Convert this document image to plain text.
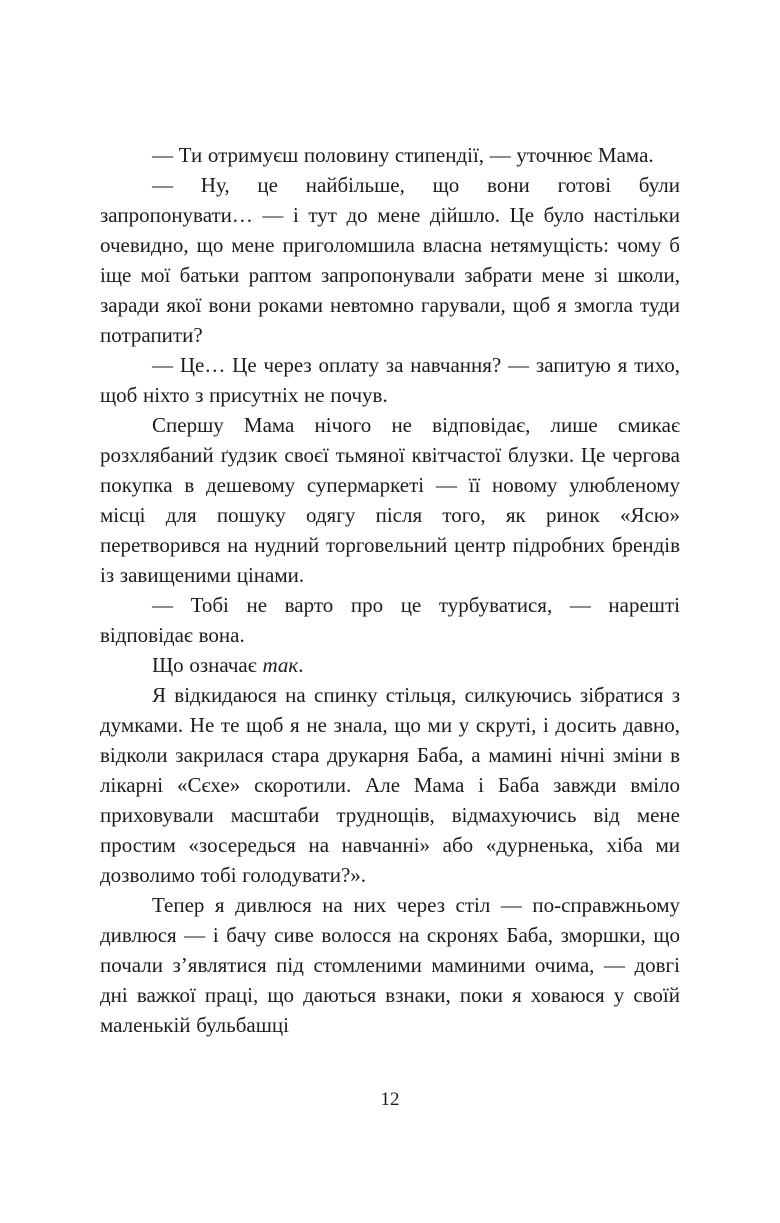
— Ти отримуєш половину стипендії, — уточнює Мама.

— Ну, це найбільше, що вони готові були запропонувати… — і тут до мене дійшло. Це було настільки очевидно, що мене приголомшила власна нетямущість: чому б іще мої батьки раптом запропонували забрати мене зі школи, заради якої вони роками невтомно гарували, щоб я змогла туди потрапити?

— Це… Це через оплату за навчання? — запитую я тихо, щоб ніхто з присутніх не почув.

Спершу Мама нічого не відповідає, лише смикає розхлябаний ґудзик своєї тьмяної квітчастої блузки. Це чергова покупка в дешевому супермаркеті — її новому улюбленому місці для пошуку одягу після того, як ринок «Ясю» перетворився на нудний торговельний центр підробних брендів із завищеними цінами.

— Тобі не варто про це турбуватися, — нарешті відповідає вона.

Що означає так.

Я відкидаюся на спинку стільця, силкуючись зібратися з думками. Не те щоб я не знала, що ми у скруті, і досить давно, відколи закрилася стара друкарня Баба, а мамині нічні зміни в лікарні «Сєхе» скоротили. Але Мама і Баба завжди вміло приховували масштаби труднощів, відмахуючись від мене простим «зосередься на навчанні» або «дурненька, хіба ми дозволимо тобі голодувати?».

Тепер я дивлюся на них через стіл — по-справжньому дивлюся — і бачу сиве волосся на скронях Баба, зморшки, що почали з’являтися під стомленими маминими очима, — довгі дні важкої праці, що даються взнаки, поки я ховаюся у своїй маленькій бульбашці

12
